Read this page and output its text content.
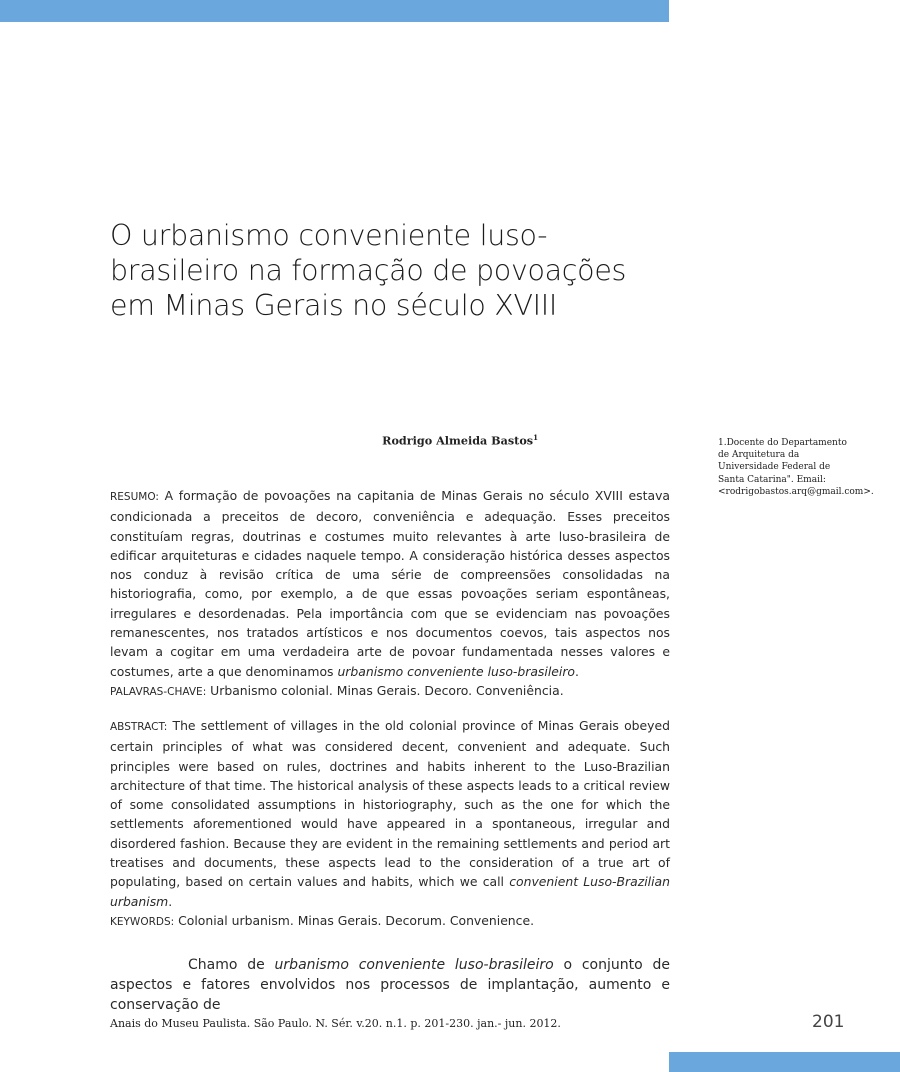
O urbanismo conveniente luso-brasileiro na formação de povoações em Minas Gerais no século XVIII
Rodrigo Almeida Bastos$^1$
1.Docente do Departamento de Arquitetura da Universidade Federal de Santa Catarina". Email: <rodrigobastos.arq@gmail.com>.

RESUMO: A formação de povoações na capitania de Minas Gerais no século XVIII estava condicionada a preceitos de decoro, conveniência e adequação. Esses preceitos constituíam regras, doutrinas e costumes muito relevantes à arte luso-brasileira de edificar arquiteturas e cidades naquele tempo. A consideração histórica desses aspectos nos conduz à revisão crítica de uma série de compreensões consolidadas na historiografia, como, por exemplo, a de que essas povoações seriam espontâneas, irregulares e desordenadas. Pela importância com que se evidenciam nas povoações remanescentes, nos tratados artísticos e nos documentos coevos, tais aspectos nos levam a cogitar em uma verdadeira arte de povoar fundamentada nesses valores e costumes, arte a que denominamos urbanismo conveniente luso-brasileiro.

PALAVRAS-CHAVE: Urbanismo colonial. Minas Gerais. Decoro. Conveniência.

ABSTRACT: The settlement of villages in the old colonial province of Minas Gerais obeyed certain principles of what was considered decent, convenient and adequate. Such principles were based on rules, doctrines and habits inherent to the Luso-Brazilian architecture of that time. The historical analysis of these aspects leads to a critical review of some consolidated assumptions in historiography, such as the one for which the settlements aforementioned would have appeared in a spontaneous, irregular and disordered fashion. Because they are evident in the remaining settlements and period art treatises and documents, these aspects lead to the consideration of a true art of populating, based on certain values and habits, which we call convenient Luso-Brazilian urbanism.

KEYWORDS: Colonial urbanism. Minas Gerais. Decorum. Convenience.

Chamo de urbanismo conveniente luso-brasileiro o conjunto de aspectos e fatores envolvidos nos processos de implantação, aumento e conservação de

Anais do Museu Paulista. São Paulo. N. Sér. v.20. n.1. p. 201-230. jan.- jun. 2012.	201
